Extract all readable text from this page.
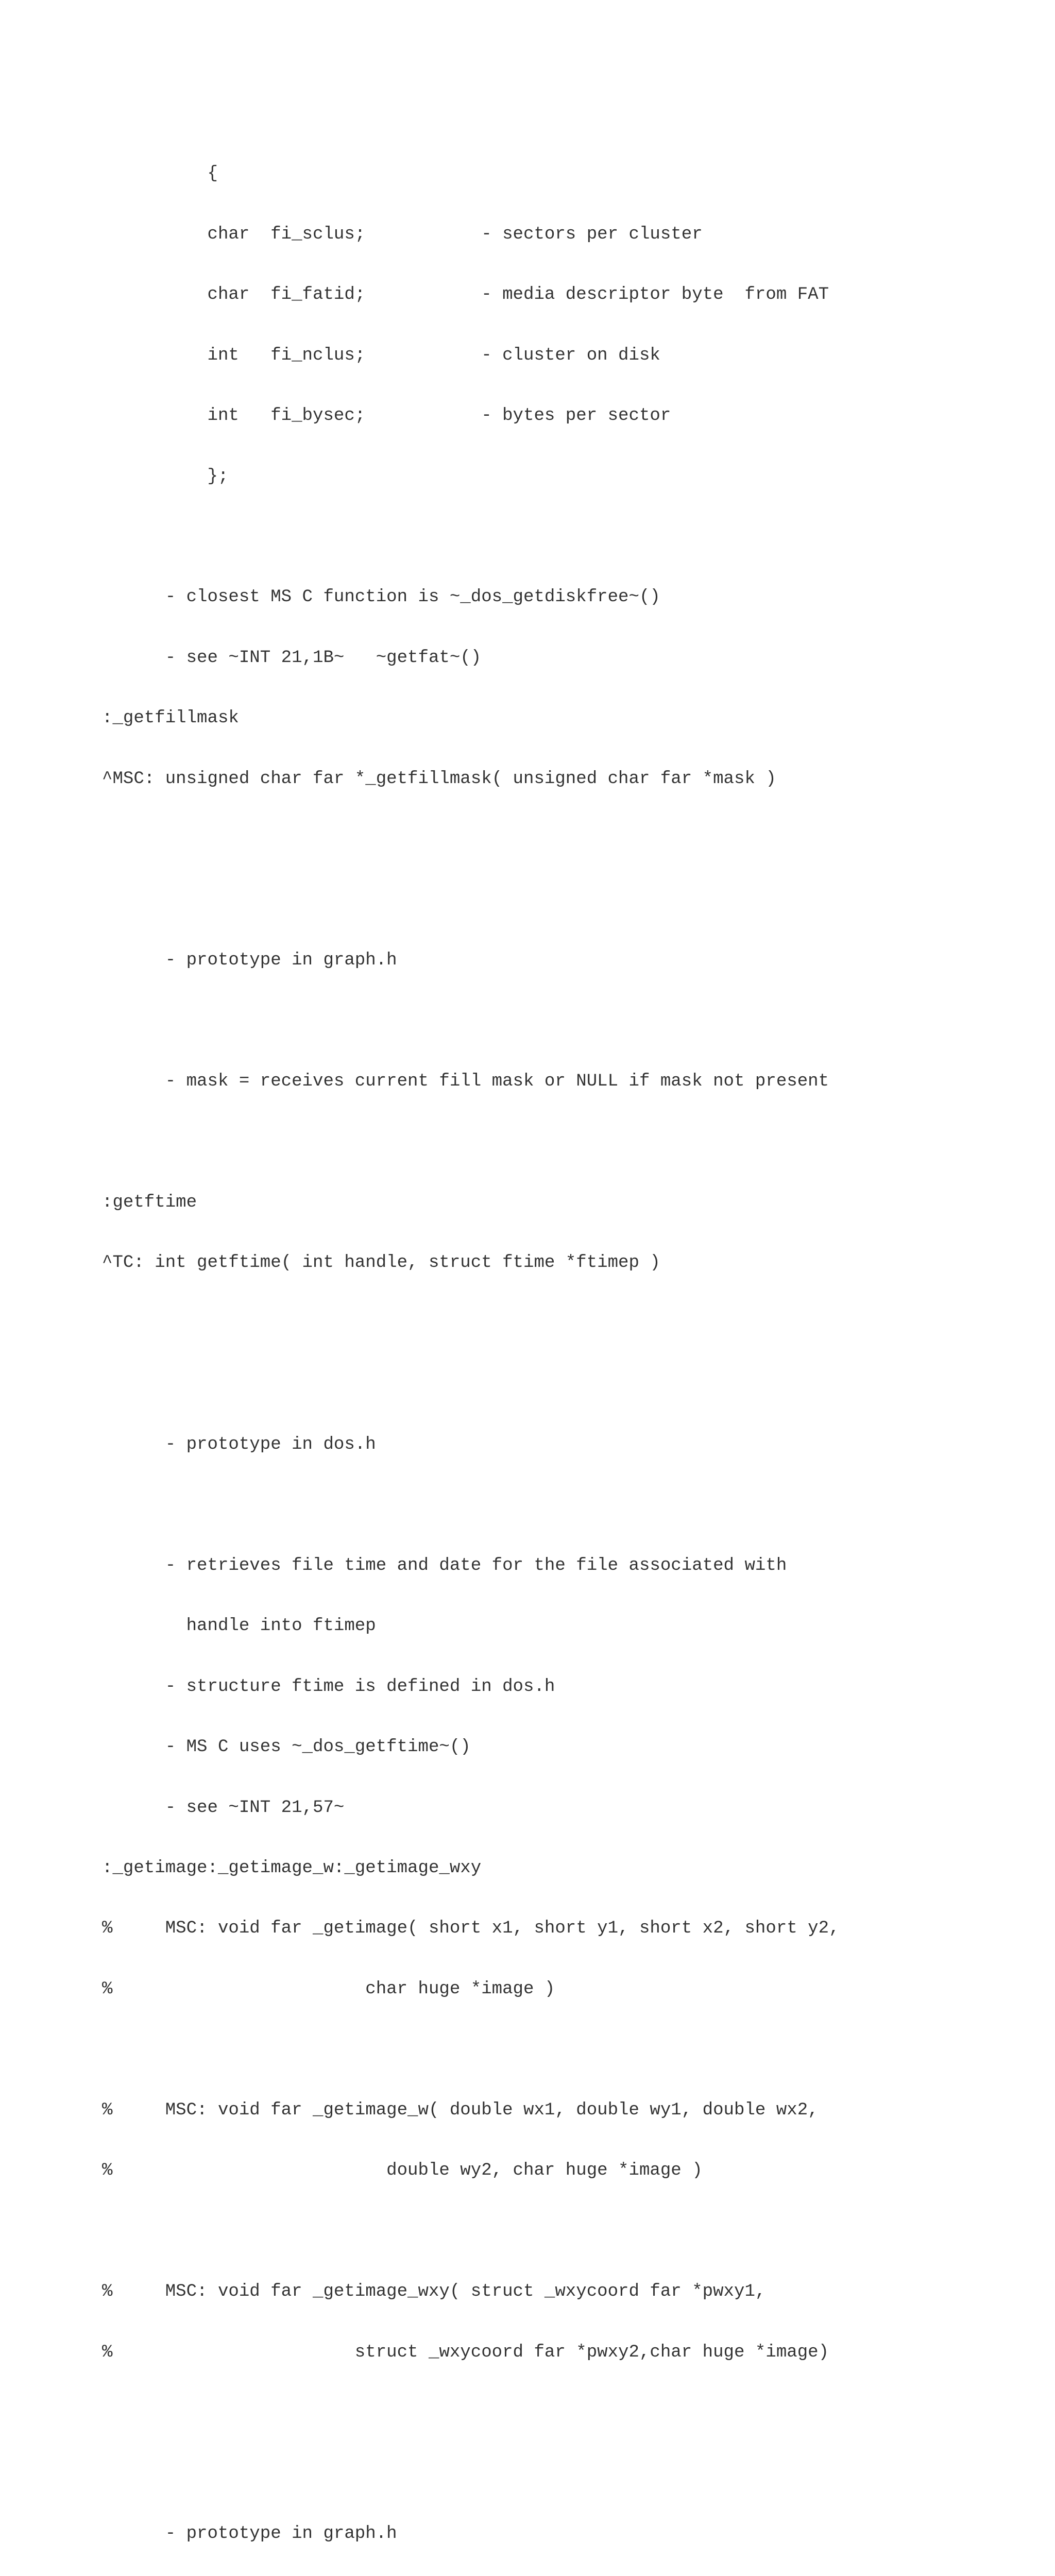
{

char  fi_sclus;           - sectors per cluster

char  fi_fatid;           - media descriptor byte  from FAT

int   fi_nclus;           - cluster on disk

int   fi_bysec;           - bytes per sector

};

- closest MS C function is ~_dos_getdiskfree~()

- see ~INT 21,1B~   ~getfat~()

:_getfillmask

^MSC: unsigned char far *_getfillmask( unsigned char far *mask )

- prototype in graph.h

- mask = receives current fill mask or NULL if mask not present

:getftime

^TC: int getftime( int handle, struct ftime *ftimep )

- prototype in dos.h

- retrieves file time and date for the file associated with

handle into ftimep

- structure ftime is defined in dos.h

- MS C uses ~_dos_getftime~()

- see ~INT 21,57~

:_getimage:_getimage_w:_getimage_wxy

%     MSC: void far _getimage( short x1, short y1, short x2, short y2,

%                        char huge *image )

%     MSC: void far _getimage_w( double wx1, double wy1, double wx2,

%                          double wy2, char huge *image )

%     MSC: void far _getimage_wxy( struct _wxycoord far *pwxy1,

%                       struct _wxycoord far *pwxy2,char huge *image)

- prototype in graph.h
